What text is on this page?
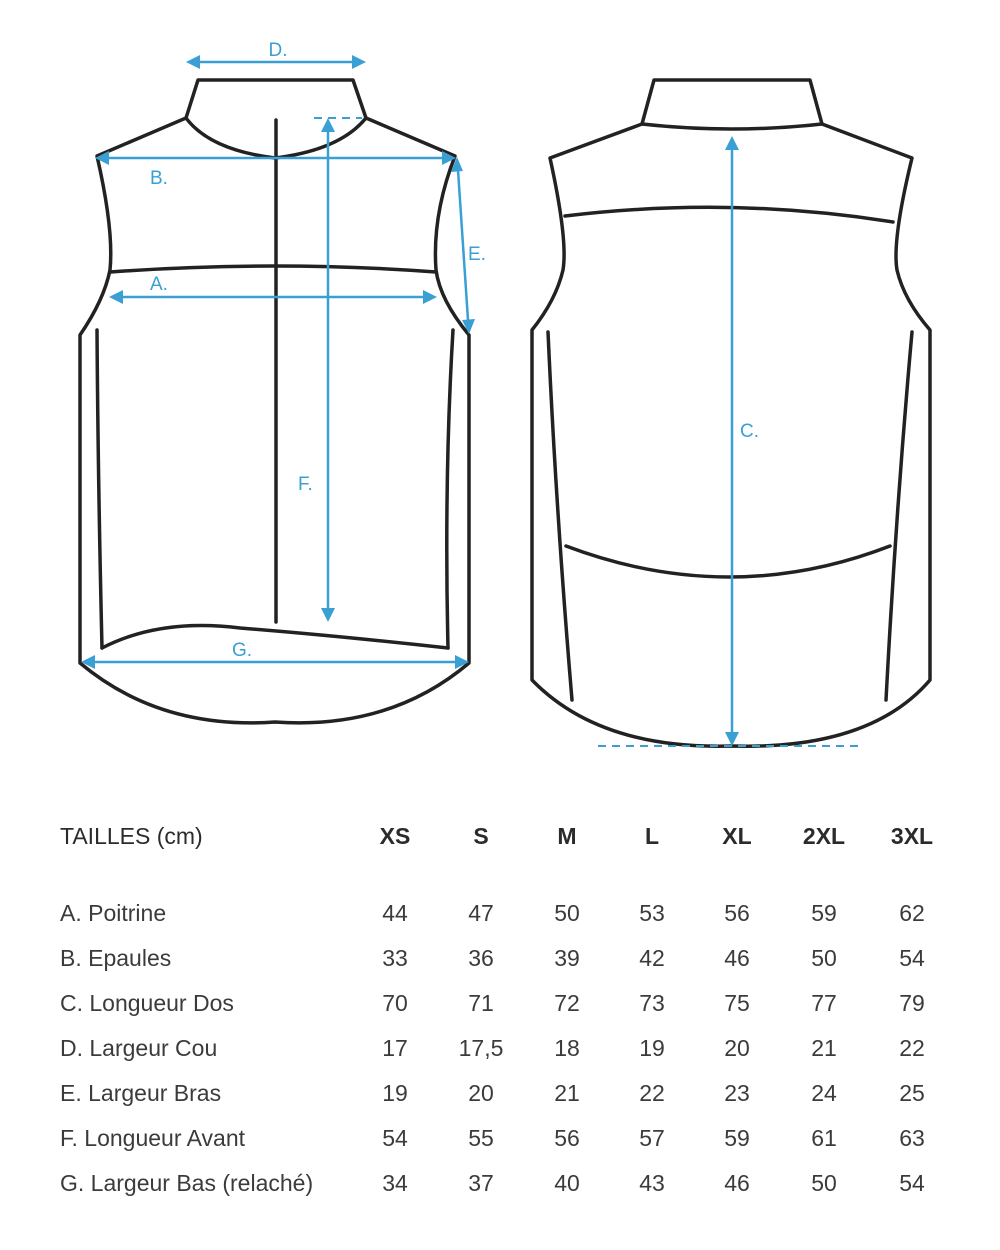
D.
B.
A.
E.
F.
G.
C.
TAILLES (cm)	XS	S	M	L	XL	2XL	3XL
A. Poitrine	44	47	50	53	56	59	62
B. Epaules	33	36	39	42	46	50	54
C. Longueur Dos	70	71	72	73	75	77	79
D. Largeur Cou	17	17,5	18	19	20	21	22
E. Largeur Bras	19	20	21	22	23	24	25
F. Longueur Avant	54	55	56	57	59	61	63
G. Largeur Bas (relaché)	34	37	40	43	46	50	54
